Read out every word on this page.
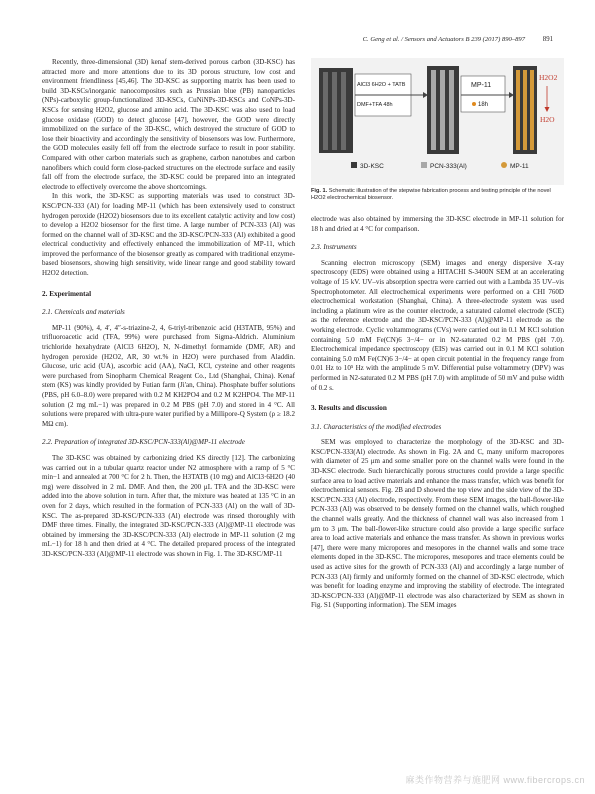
C. Geng et al. / Sensors and Actuators B 239 (2017) 890–897	891

Recently, three-dimensional (3D) kenaf stem-derived porous carbon (3D-KSC) has attracted more and more attentions due to its 3D porous structure, low cost and environment friendliness [45,46]. The 3D-KSC as supporting matrix has been used to build 3D-KSCs/inorganic nanocomposites such as Prussian blue (PB) nanoparticles (NPs)-carboxylic group-functionalized 3D-KSCs, CuNiNPs-3D-KSCs and CoNPs-3D-KSCs for sensing H2O2, glucose and amino acid. The 3D-KSC was also used to load glucose oxidase (GOD) to detect glucose [47], however, the GOD were directly immobilized on the surface of the 3D-KSC, which destroyed the structure of GOD to lose their bioactivity and accordingly the sensitivity of biosensors was low. Furthermore, the GOD molecules easily fell off from the electrode surface to result in poor stability. Compared with other carbon materials such as graphene, carbon nanotubes and carbon nanofibers which could form close-packed structures on the electrode surface and easily fall off from the electrode surface, the 3D-KSC could be prepared into an integrated electrode to effectively overcome the above shortcomings.

In this work, the 3D-KSC as supporting materials was used to construct 3D-KSC/PCN-333 (Al) for loading MP-11 (which has been extensively used to construct hydrogen peroxide (H2O2) biosensors due to its excellent catalytic activity and low cost) to develop a H2O2 biosensor for the first time. A large number of PCN-333 (Al) was formed on the channel wall of 3D-KSC and the 3D-KSC/PCN-333 (Al) exhibited a good electrical conductivity and effectively enhanced the immobilization of MP-11, which improved the performance of the biosensor greatly as compared with traditional enzyme-based biosensors, showing high sensitivity, wide linear range and good stability toward H2O2 detection.

2. Experimental
2.1. Chemicals and materials

MP-11 (90%), 4, 4′, 4″-s-triazine-2, 4, 6-triyl-tribenzoic acid (H3TATB, 95%) and trifluoroacetic acid (TFA, 99%) were purchased from Sigma-Aldrich. Aluminium trichloride hexahydrate (AlCl3 6H2O), N, N-dimethyl formamide (DMF, AR) and hydrogen peroxide (H2O2, AR, 30 wt.% in H2O) were purchased from Aladdin. Glucose, uric acid (UA), ascorbic acid (AA), NaCl, KCl, cysteine and other reagents were purchased from Sinopharm Chemical Reagent Co., Ltd (Shanghai, China). Kenaf stem (KS) was kindly provided by Futian farm (Ji'an, China). Phosphate buffer solutions (PBS, pH 6.0–8.0) were prepared with 0.2 M KH2PO4 and 0.2 M K2HPO4. The MP-11 solution (2 mg mL−1) was prepared in 0.2 M PBS (pH 7.0) and stored in 4 °C. All solutions were prepared with ultra-pure water purified by a Millipore-Q System (ρ ≥ 18.2 MΩ cm).

2.2. Preparation of integrated 3D-KSC/PCN-333(Al)@MP-11 electrode

The 3D-KSC was obtained by carbonizing dried KS directly [12]. The carbonizing was carried out in a tubular quartz reactor under N2 atmosphere with a ramp of 5 °C min−1 and annealed at 700 °C for 2 h. Then, the H3TATB (10 mg) and AlCl3·6H2O (40 mg) were dissolved in 2 mL DMF. And then, the 200 μL TFA and the 3D-KSC were added into the above solution in turn. After that, the mixture was heated at 135 °C in an oven for 2 days, which resulted in the formation of PCN-333 (Al) on the wall of 3D-KSC. The as-prepared 3D-KSC/PCN-333 (Al) electrode was rinsed thoroughly with DMF three times. Finally, the integrated 3D-KSC/PCN-333 (Al)@MP-11 electrode was obtained by immersing the 3D-KSC/PCN-333 (Al) electrode in MP-11 solution (2 mg mL−1) for 18 h and then dried at 4 °C. The detailed prepared process of the integrated 3D-KSC/PCN-333 (Al)@MP-11 electrode was shown in Fig. 1. The 3D-KSC/MP-11

AlCl3 6H2O + TATB
DMF+TFA 48h
MP-11
18h
H2O2
H2O
3D-KSC	PCN-333(Al)	MP-11
Fig. 1. Schematic illustration of the stepwise fabrication process and testing principle of the novel H2O2 electrochemical biosensor.

electrode was also obtained by immersing the 3D-KSC electrode in MP-11 solution for 18 h and dried at 4 °C for comparison.

2.3. Instruments

Scanning electron microscopy (SEM) images and energy dispersive X-ray spectroscopy (EDS) were obtained using a HITACHI S-3400N SEM at an accelerating voltage of 15 kV. UV–vis absorption spectra were carried out with a Lambda 35 UV–vis Spectrophotometer. All electrochemical experiments were performed on a CHI 760D electrochemical workstation (Shanghai, China). A three-electrode system was used including a platinum wire as the counter electrode, a saturated calomel electrode (SCE) as the reference electrode and the 3D-KSC/PCN-333 (Al)@MP-11 electrode as the working electrode. Cyclic voltammograms (CVs) were carried out in 0.1 M KCl solution containing 5.0 mM Fe(CN)6 3−/4− or in N2-saturated 0.2 M PBS (pH 7.0). Electrochemical impedance spectroscopy (EIS) was carried out in 0.1 M KCl solution containing 5.0 mM Fe(CN)6 3−/4− at open circuit potential in the frequency range from 0.01 Hz to 10⁵ Hz with the amplitude 5 mV. Differential pulse voltammetry (DPV) was performed in N2-saturated 0.2 M PBS (pH 7.0) with amplitude of 50 mV and pulse width of 0.2 s.

3. Results and discussion
3.1. Characteristics of the modified electrodes

SEM was employed to characterize the morphology of the 3D-KSC and 3D-KSC/PCN-333(Al) electrode. As shown in Fig. 2A and C, many uniform macropores with diameter of 25 μm and some smaller pore on the channel walls were found in the 3D-KSC electrode. Such hierarchically porous structures could provide a large specific surface area to load active materials and enhance the mass transfer, which was benefit for electrochemical sensors. Fig. 2B and D showed the top view and the side view of the 3D-KSC/PCN-333 (Al) electrode, respectively. From these SEM images, the ball-flower-like PCN-333 (Al) was observed to be densely formed on the channel walls, which roughed the channel walls greatly. And the thickness of channel wall was also increased from 1 μm to 3 μm. The ball-flower-like structure could also provide a large specific surface area to load active materials and enhance the mass transfer. As shown in previous works [47], there were many micropores and mesopores in the channel walls and some trace elements doped in the 3D-KSC. The micropores, mesopores and trace elements could be used as active sites for the growth of PCN-333 (Al) and accordingly a large number of PCN-333 (Al) firmly and uniformly formed on the channel of 3D-KSC electrode, which was benefit for loading enzyme and improving the stability of electrode. The integrated 3D-KSC/PCN-333 (Al)@MP-11 electrode was also characterized by SEM as shown in Fig. S1 (Supporting information). The SEM images

麻类作物营养与施肥网 www.fibercrops.cn
